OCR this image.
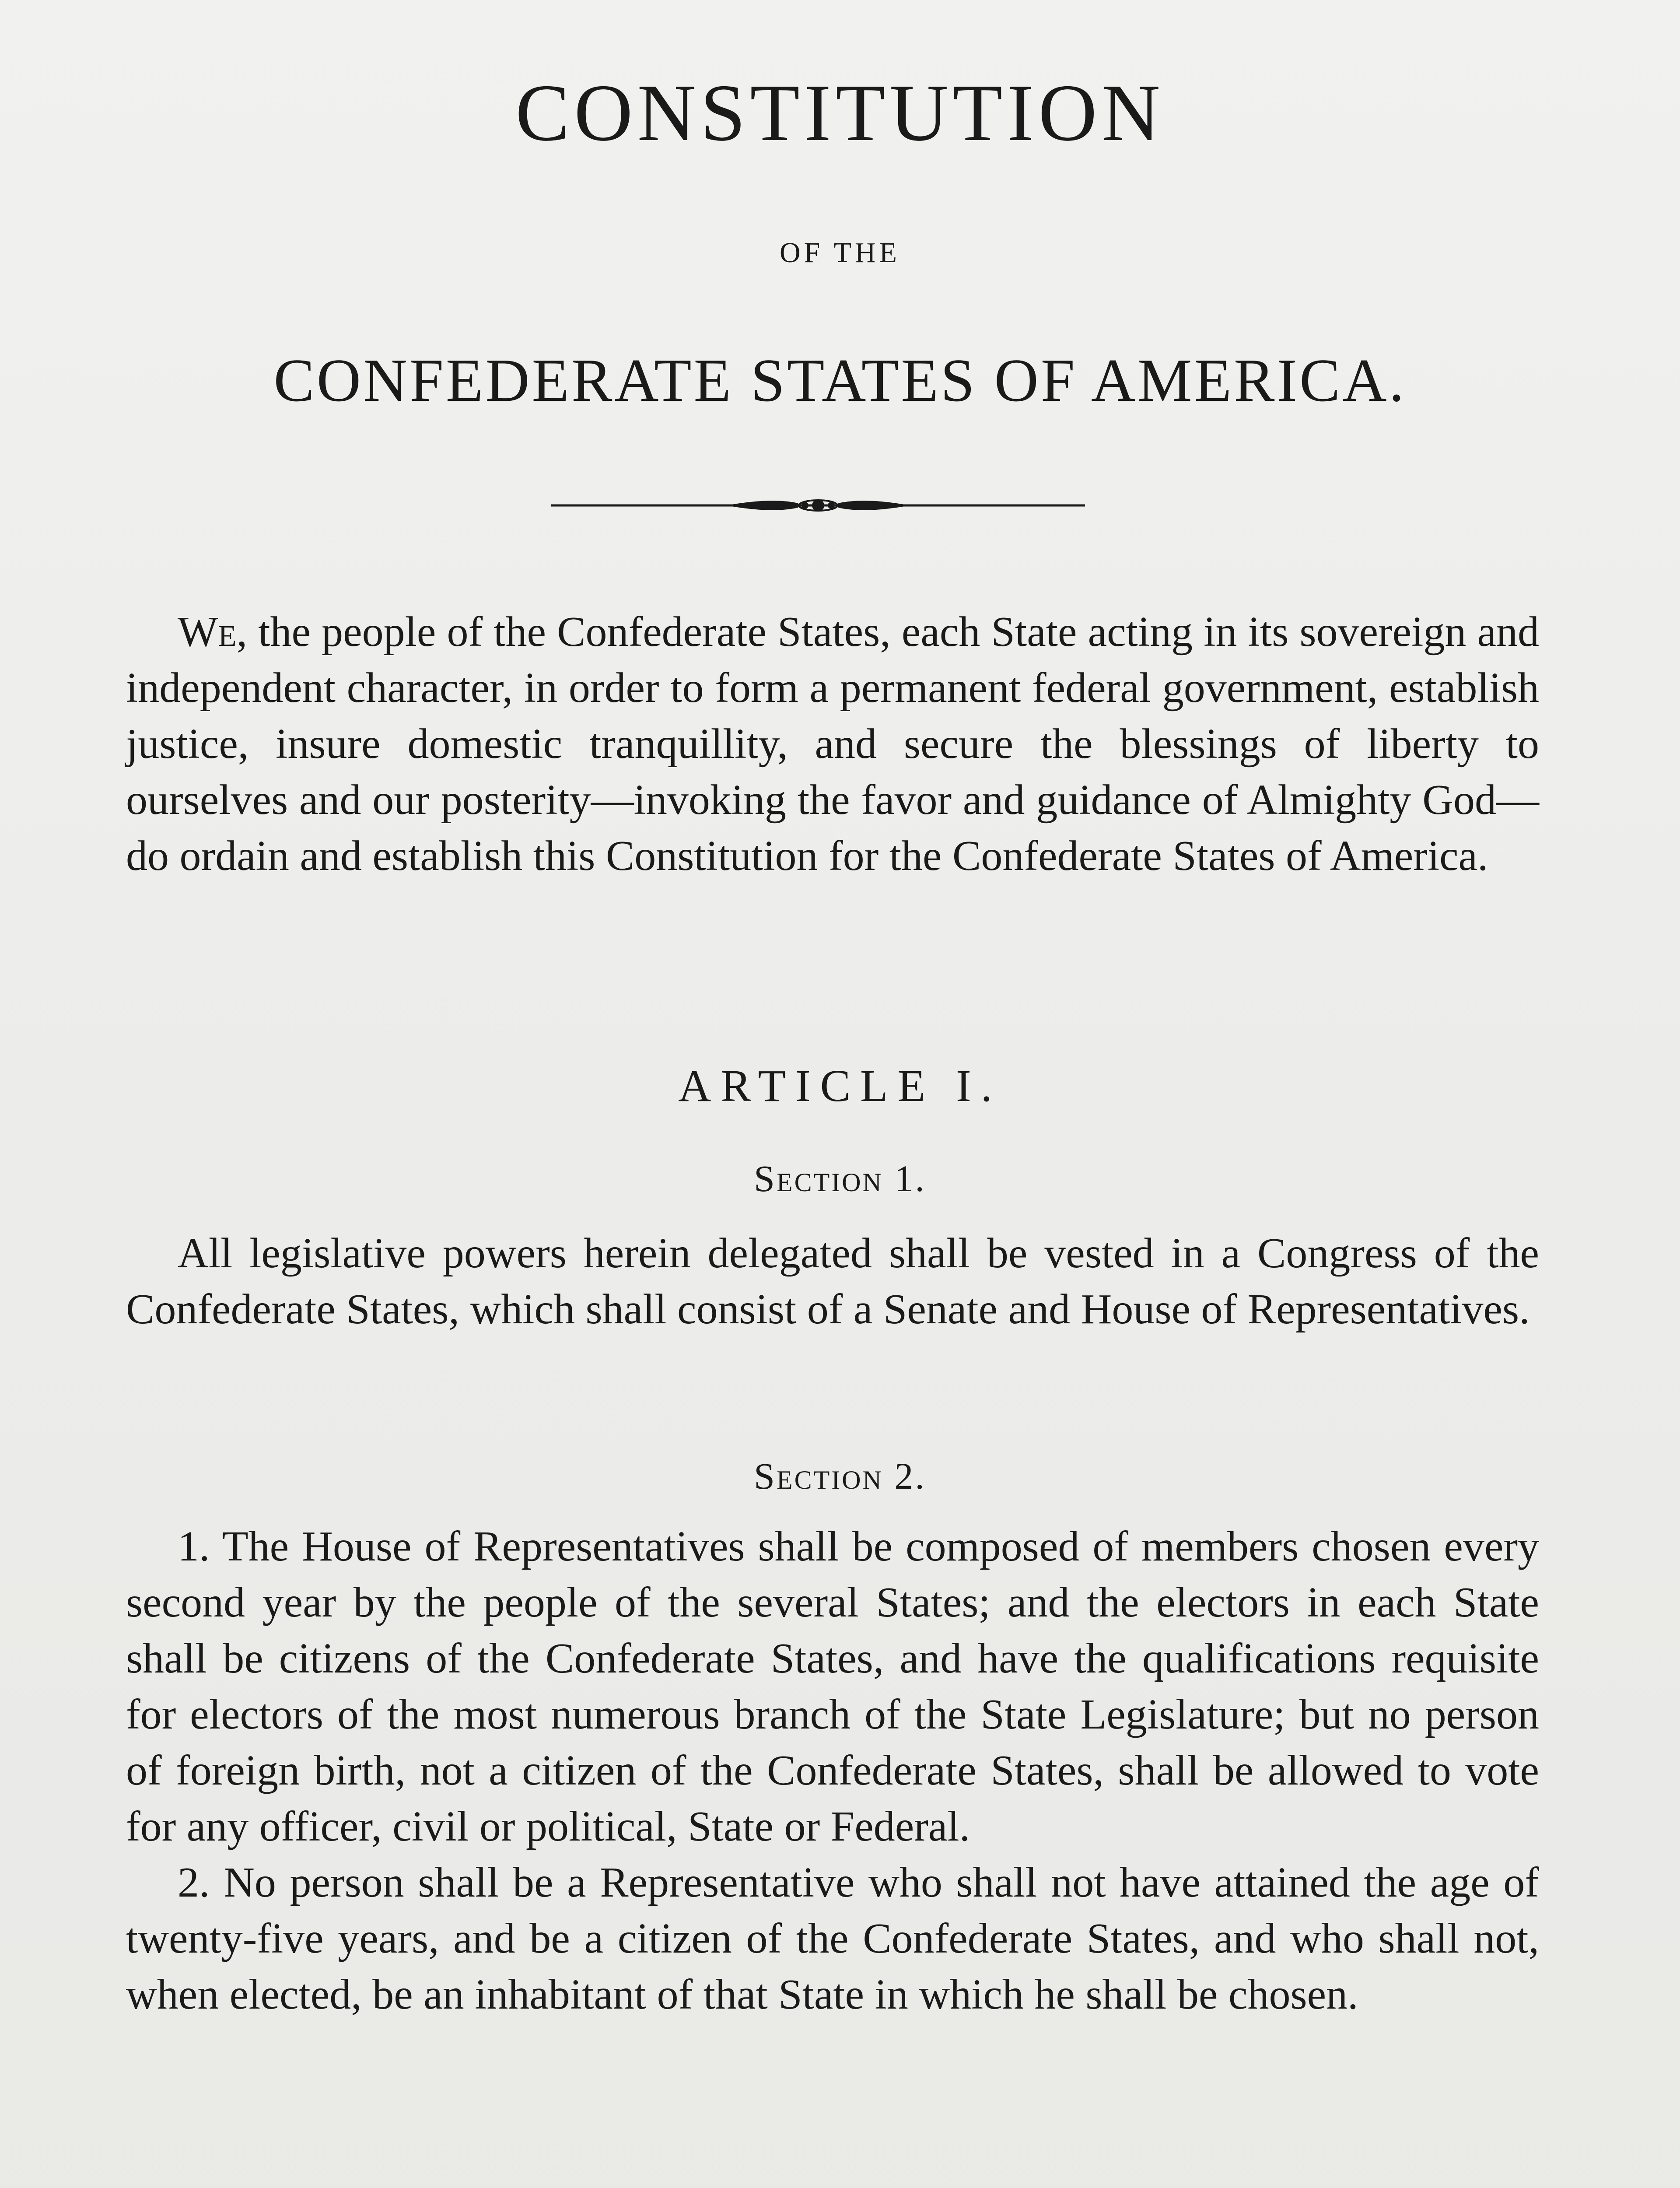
CONSTITUTION
OF THE
CONFEDERATE STATES OF AMERICA.

We, the people of the Confederate States, each State acting in its sovereign and independent character, in order to form a permanent federal government, establish justice, insure domestic tranquillity, and secure the blessings of liberty to ourselves and our posterity—invoking the favor and guidance of Almighty God—do ordain and establish this Constitution for the Confederate States of America.

ARTICLE I.
Section 1.

All legislative powers herein delegated shall be vested in a Congress of the Confederate States, which shall consist of a Senate and House of Representatives.

Section 2.

1. The House of Representatives shall be composed of members chosen every second year by the people of the several States; and the electors in each State shall be citizens of the Confederate States, and have the qualifications requisite for electors of the most numerous branch of the State Legislature; but no person of foreign birth, not a citizen of the Confederate States, shall be allowed to vote for any officer, civil or political, State or Federal.

2. No person shall be a Representative who shall not have attained the age of twenty-five years, and be a citizen of the Confederate States, and who shall not, when elected, be an inhabitant of that State in which he shall be chosen.
